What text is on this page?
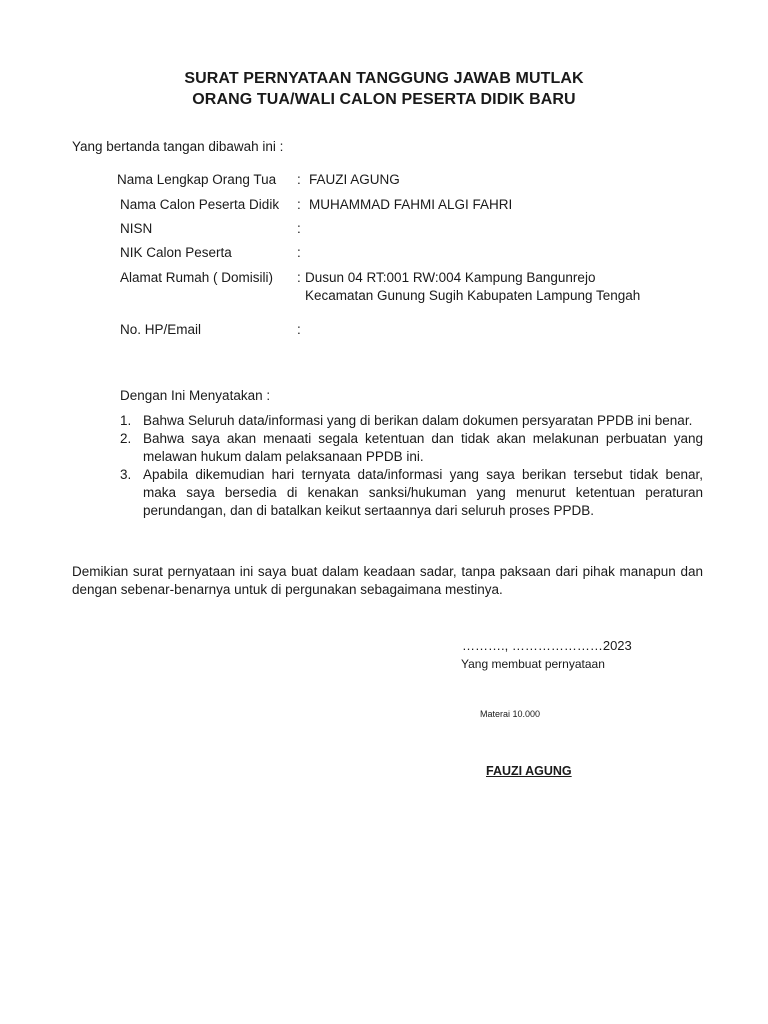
SURAT PERNYATAAN TANGGUNG JAWAB MUTLAK
ORANG TUA/WALI CALON PESERTA DIDIK BARU
Yang bertanda tangan dibawah ini :
Nama Lengkap Orang Tua : FAUZI AGUNG
Nama Calon Peserta Didik : MUHAMMAD FAHMI ALGI FAHRI
NISN	:
NIK Calon Peserta	:
Alamat Rumah ( Domisili) : Dusun 04 RT:001 RW:004 Kampung Bangunrejo
Kecamatan Gunung Sugih Kabupaten Lampung Tengah
No. HP/Email	:
Dengan Ini Menyatakan :
1. Bahwa Seluruh data/informasi yang di berikan dalam dokumen persyaratan PPDB ini benar.
2. Bahwa saya akan menaati segala ketentuan dan tidak akan melakunan perbuatan yang melawan hukum dalam pelaksanaan PPDB ini.
3. Apabila dikemudian hari ternyata data/informasi yang saya berikan tersebut tidak benar, maka saya bersedia di kenakan sanksi/hukuman yang menurut ketentuan peraturan perundangan, dan di batalkan keikut sertaannya dari seluruh proses PPDB.
Demikian surat pernyataan ini saya buat dalam keadaan sadar, tanpa paksaan dari pihak manapun dan dengan sebenar-benarnya untuk di pergunakan sebagaimana mestinya.
………., …………………2023
Yang membuat pernyataan
Materai 10.000
FAUZI AGUNG
